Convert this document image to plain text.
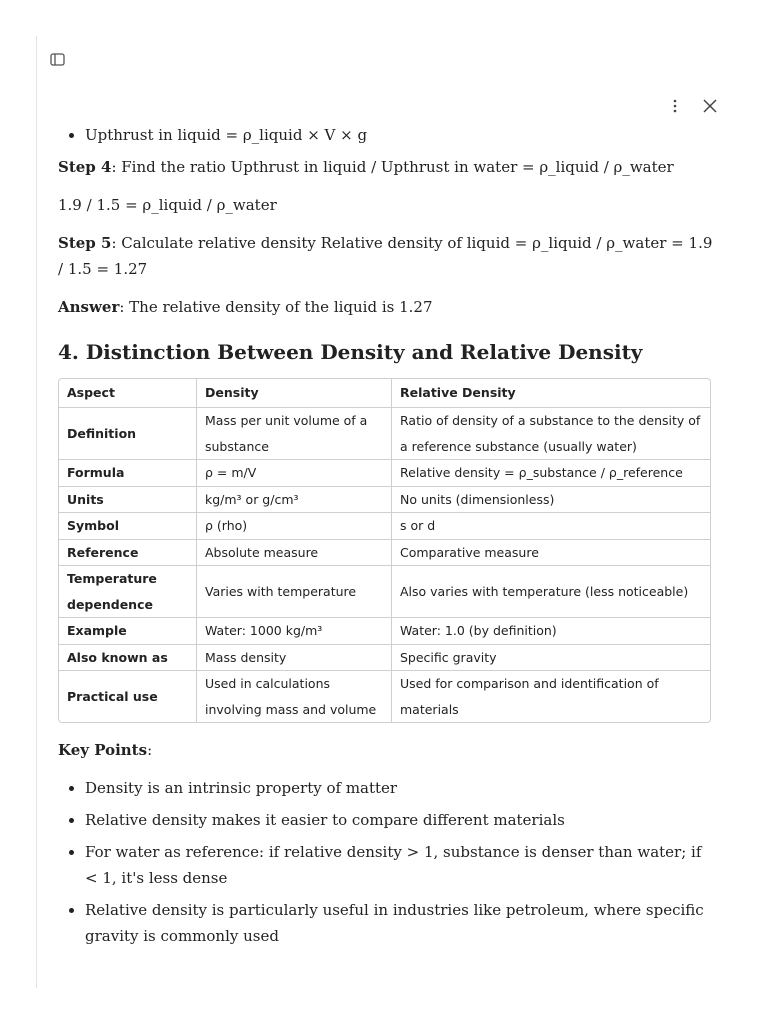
• Upthrust in liquid = ρ_liquid × V × g

Step 4: Find the ratio Upthrust in liquid / Upthrust in water = ρ_liquid / ρ_water

1.9 / 1.5 = ρ_liquid / ρ_water

Step 5: Calculate relative density Relative density of liquid = ρ_liquid / ρ_water = 1.9 / 1.5 = 1.27

Answer: The relative density of the liquid is 1.27

4. Distinction Between Density and Relative Density
Aspect	Density	Relative Density
Definition	Mass per unit volume of a substance	Ratio of density of a substance to the density of a reference substance (usually water)
Formula	ρ = m/V	Relative density = ρ_substance / ρ_reference
Units	kg/m³ or g/cm³	No units (dimensionless)
Symbol	ρ (rho)	s or d
Reference	Absolute measure	Comparative measure
Temperature dependence	Varies with temperature	Also varies with temperature (less noticeable)
Example	Water: 1000 kg/m³	Water: 1.0 (by definition)
Also known as	Mass density	Specific gravity
Practical use	Used in calculations involving mass and volume	Used for comparison and identification of materials

Key Points:

• Density is an intrinsic property of matter
• Relative density makes it easier to compare different materials
• For water as reference: if relative density > 1, substance is denser than water; if < 1, it's less dense
• Relative density is particularly useful in industries like petroleum, where specific gravity is commonly used
